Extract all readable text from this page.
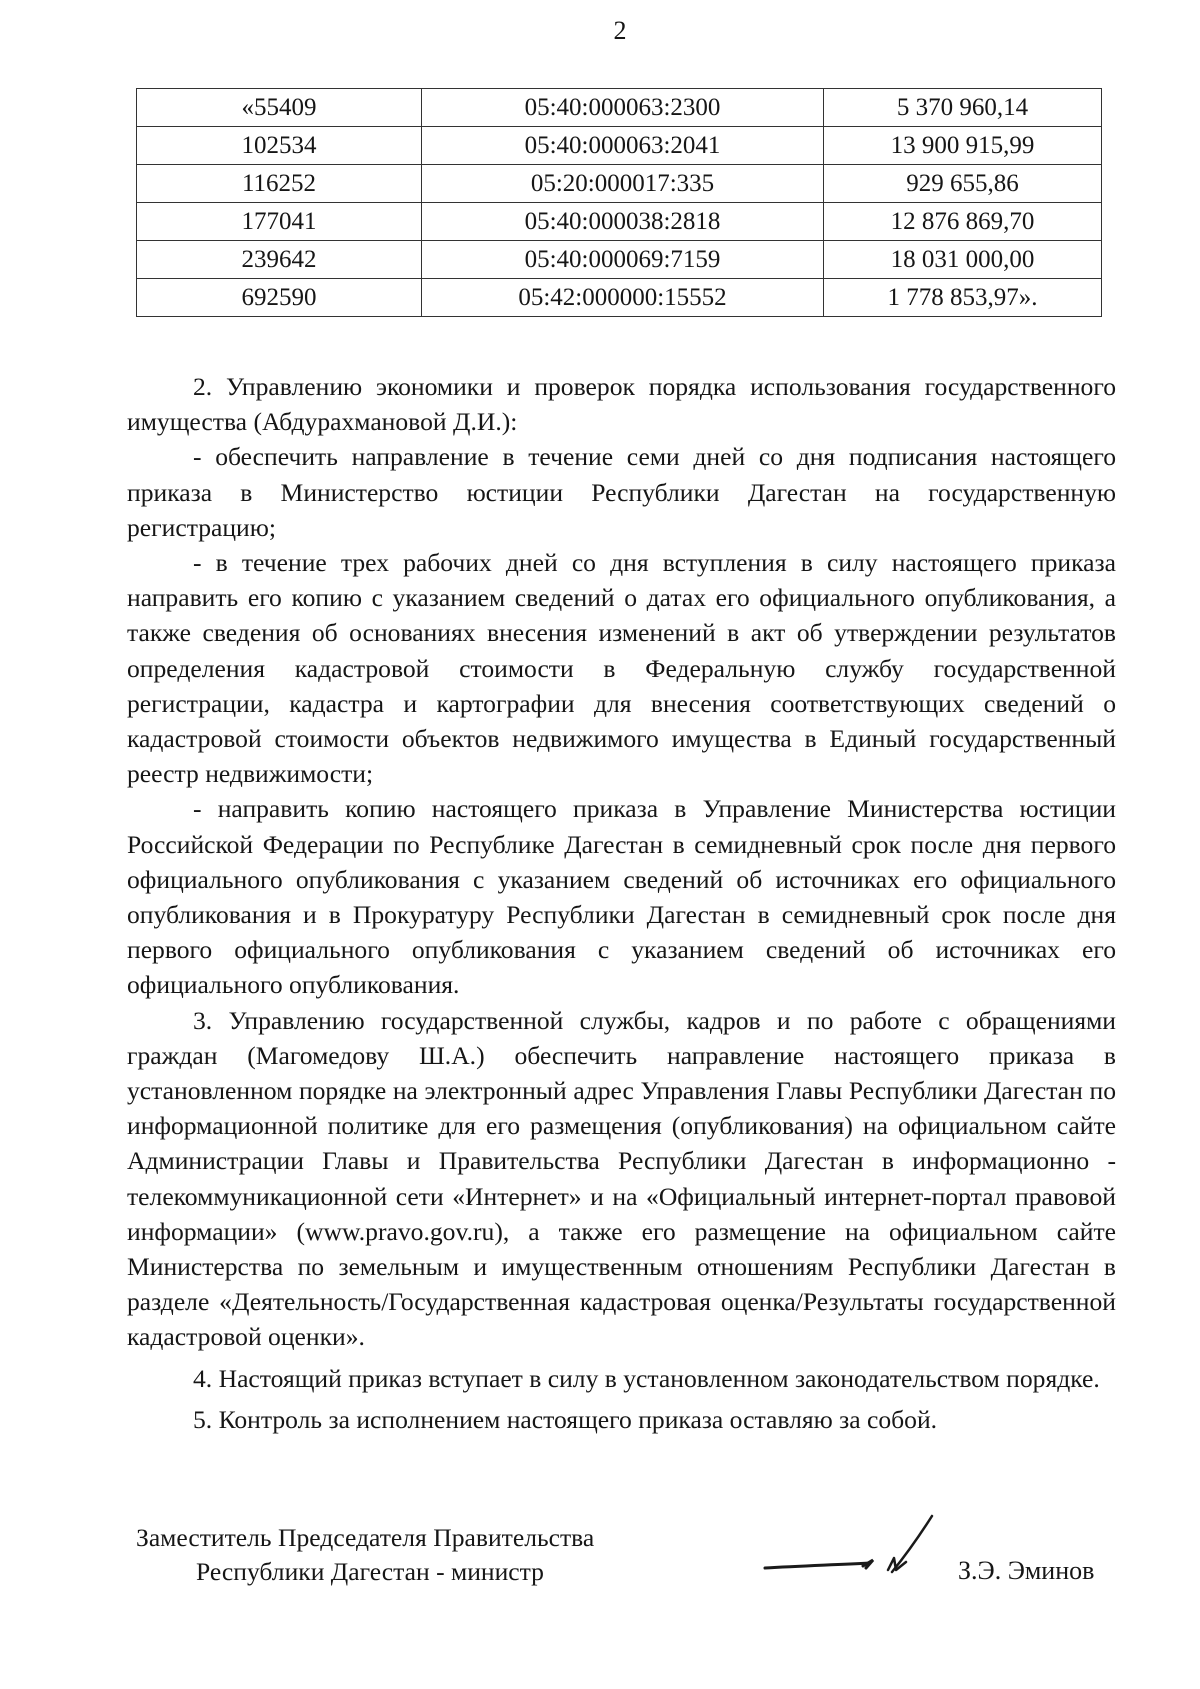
2
«55409	05:40:000063:2300	5 370 960,14
102534	05:40:000063:2041	13 900 915,99
116252	05:20:000017:335	929 655,86
177041	05:40:000038:2818	12 876 869,70
239642	05:40:000069:7159	18 031 000,00
692590	05:42:000000:15552	1 778 853,97».

2. Управлению экономики и проверок порядка использования государственного имущества (Абдурахмановой Д.И.):

- обеспечить направление в течение семи дней со дня подписания настоящего приказа в Министерство юстиции Республики Дагестан на государственную регистрацию;

- в течение трех рабочих дней со дня вступления в силу настоящего приказа направить его копию с указанием сведений о датах его официального опубликования, а также сведения об основаниях внесения изменений в акт об утверждении результатов определения кадастровой стоимости в Федеральную службу государственной регистрации, кадастра и картографии для внесения соответствующих сведений о кадастровой стоимости объектов недвижимого имущества в Единый государственный реестр недвижимости;

- направить копию настоящего приказа в Управление Министерства юстиции Российской Федерации по Республике Дагестан в семидневный срок после дня первого официального опубликования с указанием сведений об источниках его официального опубликования и в Прокуратуру Республики Дагестан в семидневный срок после дня первого официального опубликования с указанием сведений об источниках его официального опубликования.

3. Управлению государственной службы, кадров и по работе с обращениями граждан (Магомедову Ш.А.) обеспечить направление настоящего приказа в установленном порядке на электронный адрес Управления Главы Республики Дагестан по информационной политике для его размещения (опубликования) на официальном сайте Администрации Главы и Правительства Республики Дагестан в информационно - телекоммуникационной сети «Интернет» и на «Официальный интернет-портал правовой информации» (www.pravo.gov.ru), а также его размещение на официальном сайте Министерства по земельным и имущественным отношениям Республики Дагестан в разделе «Деятельность/Государственная кадастровая оценка/Результаты государственной кадастровой оценки».

4. Настоящий приказ вступает в силу в установленном законодательством порядке.

5. Контроль за исполнением настоящего приказа оставляю за собой.

Заместитель Председателя Правительства
Республики Дагестан - министр	З.Э. Эминов
